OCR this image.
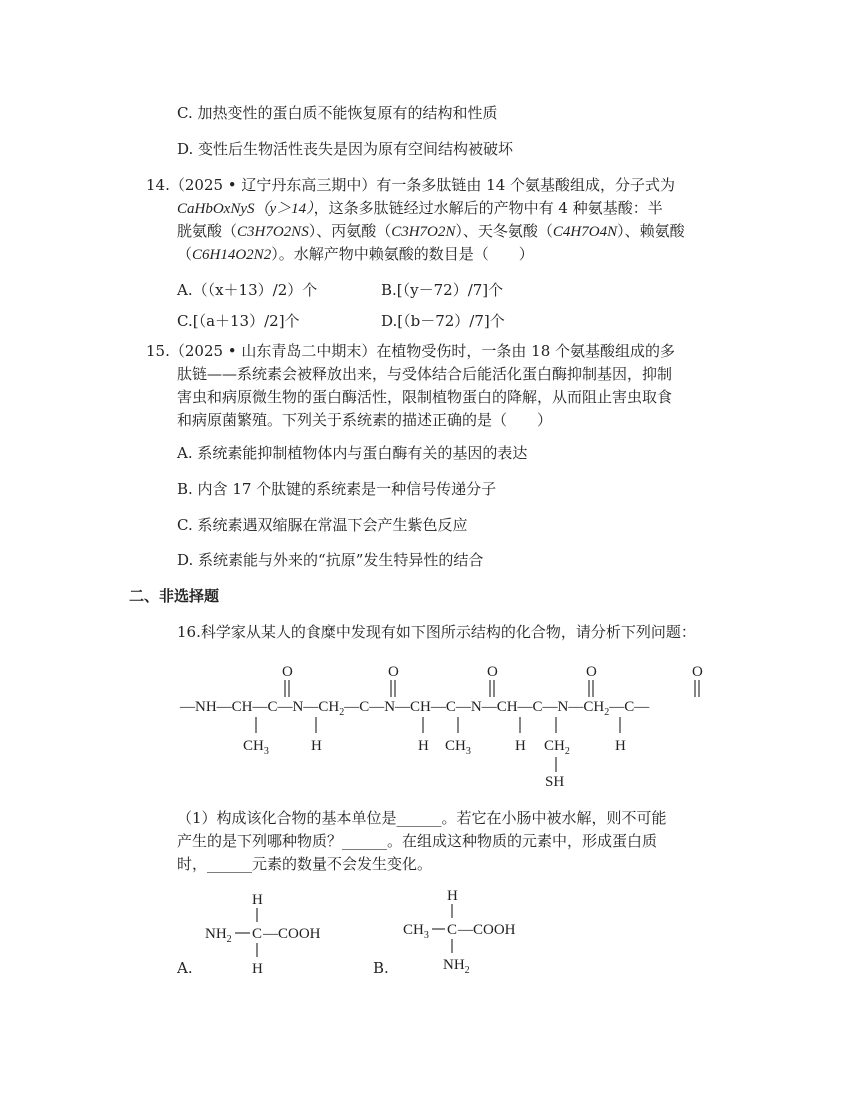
C. 加热变性的蛋白质不能恢复原有的结构和性质
D. 变性后生物活性丧失是因为原有空间结构被破坏
14.（2025 • 辽宁丹东高三期中）有一条多肽链由 14 个氨基酸组成，分子式为
CaHbOxNyS（y＞14），这条多肽链经过水解后的产物中有 4 种氨基酸：半
胱氨酸（C3H7O2NS）、丙氨酸（C3H7O2N）、天冬氨酸（C4H7O4N）、赖氨酸
（C6H14O2N2）。水解产物中赖氨酸的数目是（　　）
A.（（x＋13）/2）个	B.[（y－72）/7]个
C.[（a＋13）/2]个	D.[（b－72）/7]个
15.（2025 • 山东青岛二中期末）在植物受伤时，一条由 18 个氨基酸组成的多
肽链——系统素会被释放出来，与受体结合后能活化蛋白酶抑制基因，抑制
害虫和病原微生物的蛋白酶活性，限制植物蛋白的降解，从而阻止害虫取食
和病原菌繁殖。下列关于系统素的描述正确的是（　　）
A. 系统素能抑制植物体内与蛋白酶有关的基因的表达
B. 内含 17 个肽键的系统素是一种信号传递分子
C. 系统素遇双缩脲在常温下会产生紫色反应
D. 系统素能与外来的“抗原”发生特异性的结合
二、非选择题
16.科学家从某人的食糜中发现有如下图所示结构的化合物，请分析下列问题：
$—NH—CH—C—N—CH_2—C—N—CH—C—N—CH—C—N—CH_2—C—$
O	O	O	O	O
$CH_3$	H	H $CH_3$	H $CH_2$
SH
H
（1）构成该化合物的基本单位是______。若它在小肠中被水解，则不可能
产生的是下列哪种物质？______。在组成这种物质的元素中，形成蛋白质
时，______元素的数量不会发生变化。
H
$NH_2$ C —COOH
H
A.
H
$CH_3$ C —COOH
$NH_2$
B.
